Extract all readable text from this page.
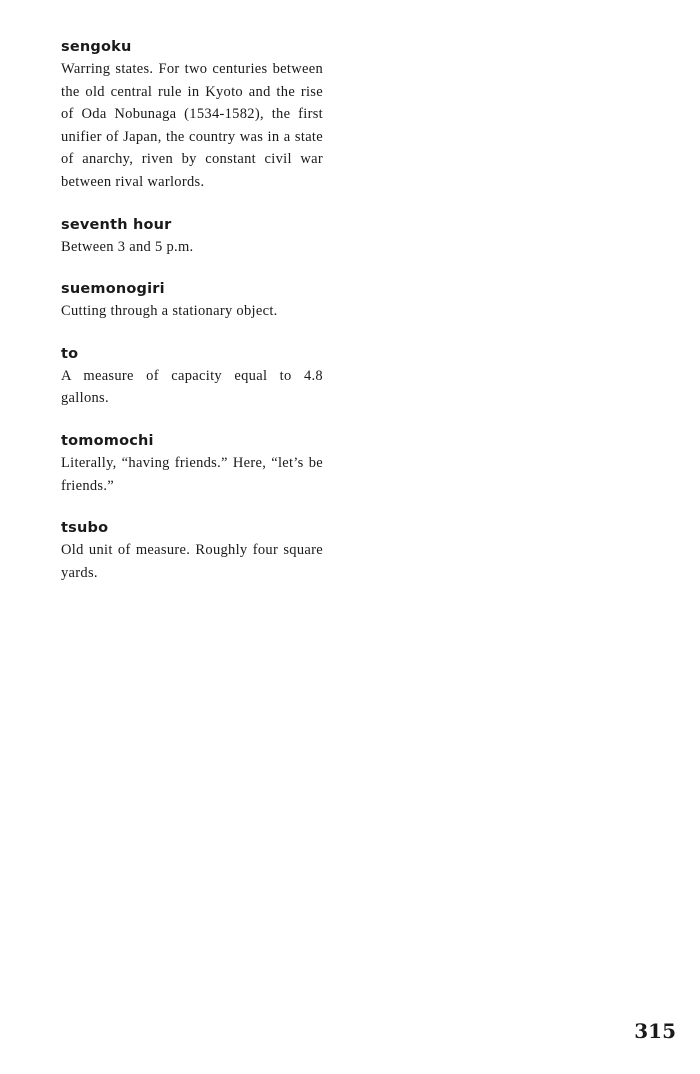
sengoku

Warring states. For two centuries between the old central rule in Kyoto and the rise of Oda Nobunaga (1534-1582), the first unifier of Japan, the country was in a state of anarchy, riven by constant civil war between rival warlords.

seventh hour

Between 3 and 5 p.m.

suemonogiri

Cutting through a stationary object.

to

A measure of capacity equal to 4.8 gallons.

tomomochi

Literally, “having friends.” Here, “let’s be friends.”

tsubo

Old unit of measure. Roughly four square yards.

315
